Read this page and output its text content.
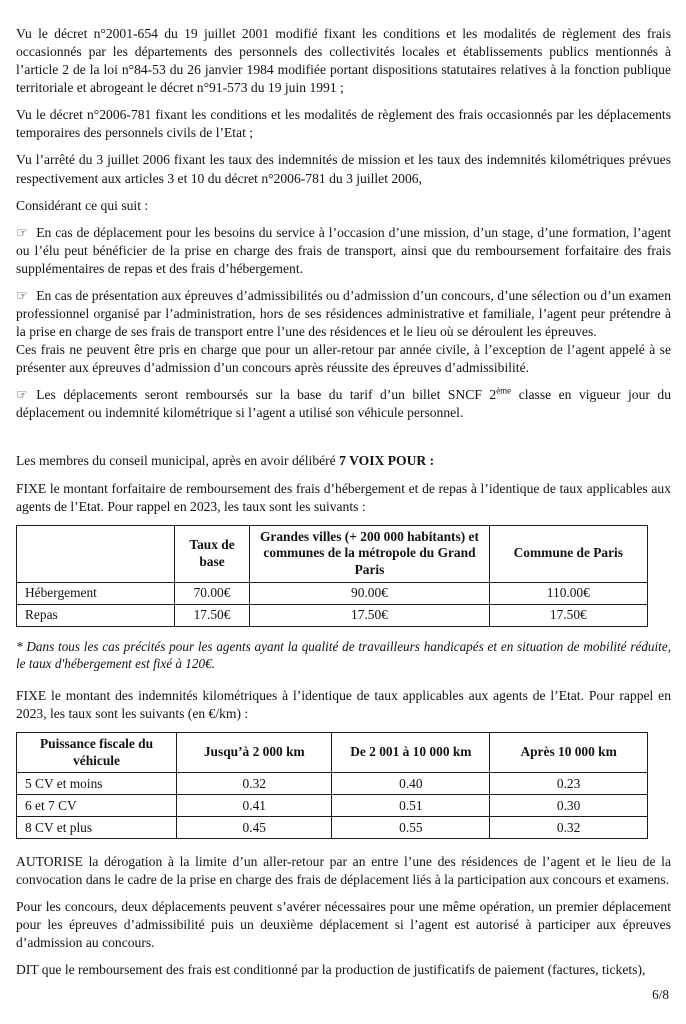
Vu le décret n°2001-654 du 19 juillet 2001 modifié fixant les conditions et les modalités de règlement des frais occasionnés par les départements des personnels des collectivités locales et établissements publics mentionnés à l’article 2 de la loi n°84-53 du 26 janvier 1984 modifiée portant dispositions statutaires relatives à la fonction publique territoriale et abrogeant le décret n°91-573 du 19 juin 1991 ;

Vu le décret n°2006-781 fixant les conditions et les modalités de règlement des frais occasionnés par les déplacements temporaires des personnels civils de l’Etat ;

Vu l’arrêté du 3 juillet 2006 fixant les taux des indemnités de mission et les taux des indemnités kilométriques prévues respectivement aux articles 3 et 10 du décret n°2006-781 du 3 juillet 2006,

Considérant ce qui suit :

☞ En cas de déplacement pour les besoins du service à l’occasion d’une mission, d’un stage, d’une formation, l’agent ou l’élu peut bénéficier de la prise en charge des frais de transport, ainsi que du remboursement forfaitaire des frais supplémentaires de repas et des frais d’hébergement.

☞ En cas de présentation aux épreuves d’admissibilités ou d’admission d’un concours, d’une sélection ou d’un examen professionnel organisé par l’administration, hors de ses résidences administrative et familiale, l’agent peur prétendre à la prise en charge de ses frais de transport entre l’une des résidences et le lieu où se déroulent les épreuves.

Ces frais ne peuvent être pris en charge que pour un aller-retour par année civile, à l’exception de l’agent appelé à se présenter aux épreuves d’admission d’un concours après réussite des épreuves d’admissibilité.

☞ Les déplacements seront remboursés sur la base du tarif d’un billet SNCF 2ème classe en vigueur jour du déplacement ou indemnité kilométrique si l’agent a utilisé son véhicule personnel.

Les membres du conseil municipal, après en avoir délibéré 7 VOIX POUR :

FIXE le montant forfaitaire de remboursement des frais d’hébergement et de repas à l’identique de taux applicables aux agents de l’Etat. Pour rappel en 2023, les taux sont les suivants :

	Taux de base	Grandes villes (+ 200 000 habitants) et communes de la métropole du Grand Paris	Commune de Paris
Hébergement	70.00€	90.00€	110.00€
Repas	17.50€	17.50€	17.50€

* Dans tous les cas précités pour les agents ayant la qualité de travailleurs handicapés et en situation de mobilité réduite, le taux d'hébergement est fixé à 120€.

FIXE le montant des indemnités kilométriques à l’identique de taux applicables aux agents de l’Etat. Pour rappel en 2023, les taux sont les suivants (en €/km) :

Puissance fiscale du véhicule	Jusqu’à 2 000 km	De 2 001 à 10 000 km	Après 10 000 km
5 CV et moins	0.32	0.40	0.23
6 et 7 CV	0.41	0.51	0.30
8 CV et plus	0.45	0.55	0.32

AUTORISE la dérogation à la limite d’un aller-retour par an entre l’une des résidences de l’agent et le lieu de la convocation dans le cadre de la prise en charge des frais de déplacement liés à la participation aux concours et examens.

Pour les concours, deux déplacements peuvent s’avérer nécessaires pour une même opération, un premier déplacement pour les épreuves d’admissibilité puis un deuxième déplacement si l’agent est autorisé à participer aux épreuves d’admission au concours.

DIT que le remboursement des frais est conditionné par la production de justificatifs de paiement (factures, tickets),

6/8
